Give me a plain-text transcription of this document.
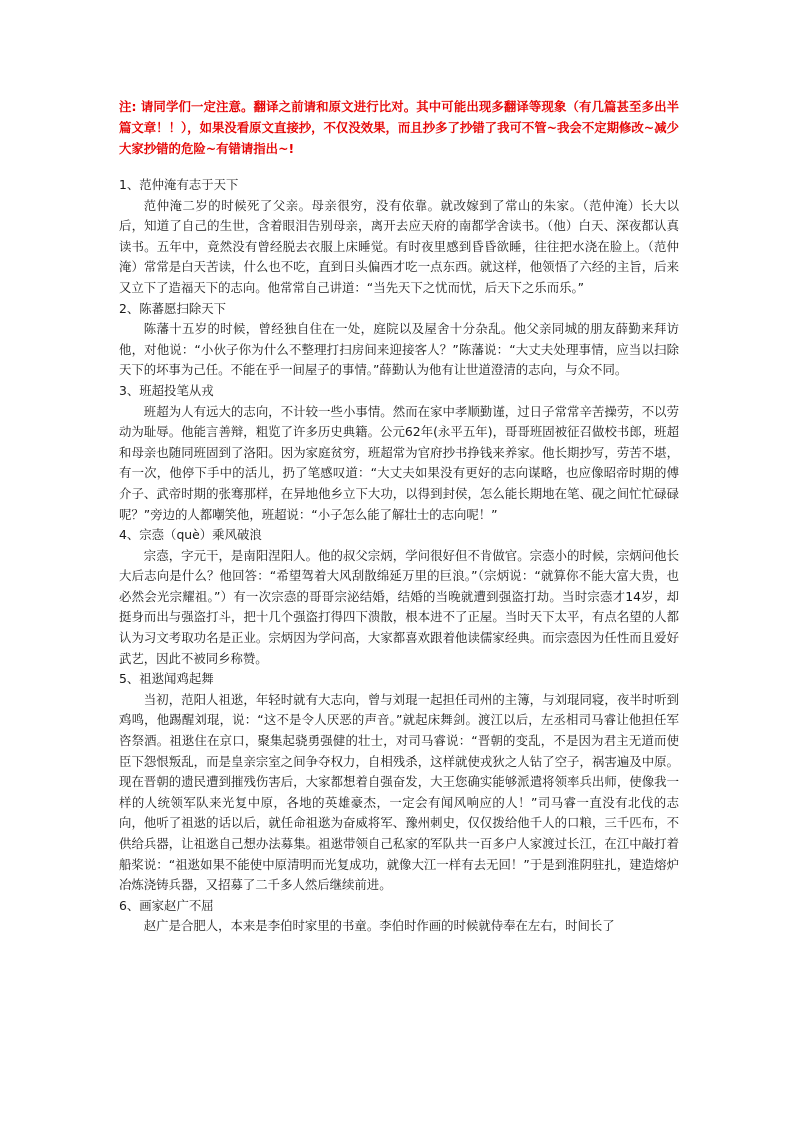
注: 请同学们一定注意。翻译之前请和原文进行比对。其中可能出现多翻译等现象（有几篇甚至多出半篇文章！！），如果没看原文直接抄，不仅没效果，而且抄多了抄错了我可不管~我会不定期修改~减少大家抄错的危险~有错请指出~!

1、范仲淹有志于天下

范仲淹二岁的时候死了父亲。母亲很穷，没有依靠。就改嫁到了常山的朱家。（范仲淹）长大以后，知道了自己的生世，含着眼泪告别母亲，离开去应天府的南都学舍读书。（他）白天、深夜都认真读书。五年中，竟然没有曾经脱去衣服上床睡觉。有时夜里感到昏昏欲睡，往往把水浇在脸上。（范仲淹）常常是白天苦读，什么也不吃，直到日头偏西才吃一点东西。就这样，他领悟了六经的主旨，后来又立下了造福天下的志向。他常常自己讲道：“当先天下之忧而忧，后天下之乐而乐。”

2、陈蕃愿扫除天下

陈藩十五岁的时候，曾经独自住在一处，庭院以及屋舍十分杂乱。他父亲同城的朋友薛勤来拜访他，对他说：“小伙子你为什么不整理打扫房间来迎接客人？”陈藩说：“大丈夫处理事情，应当以扫除天下的坏事为己任。不能在乎一间屋子的事情。”薛勤认为他有让世道澄清的志向，与众不同。

3、班超投笔从戎

班超为人有远大的志向，不计较一些小事情。然而在家中孝顺勤谨，过日子常常辛苦操劳，不以劳动为耻辱。他能言善辩，粗览了许多历史典籍。公元62年(永平五年)，哥哥班固被征召做校书郎，班超和母亲也随同班固到了洛阳。因为家庭贫穷，班超常为官府抄书挣钱来养家。他长期抄写，劳苦不堪，有一次，他停下手中的活儿，扔了笔感叹道：“大丈夫如果没有更好的志向谋略，也应像昭帝时期的傅介子、武帝时期的张骞那样，在异地他乡立下大功，以得到封侯，怎么能长期地在笔、砚之间忙忙碌碌呢？”旁边的人都嘲笑他，班超说：“小子怎么能了解壮士的志向呢！”

4、宗悫（què）乘风破浪

宗悫，字元干，是南阳涅阳人。他的叔父宗炳，学问很好但不肯做官。宗悫小的时候，宗炳问他长大后志向是什么？他回答：“希望驾着大风刮散绵延万里的巨浪。”（宗炳说：“就算你不能大富大贵，也必然会光宗耀祖。”）有一次宗悫的哥哥宗泌结婚，结婚的当晚就遭到强盗打劫。当时宗悫才14岁，却挺身而出与强盗打斗，把十几个强盗打得四下溃散，根本进不了正屋。当时天下太平，有点名望的人都认为习文考取功名是正业。宗炳因为学问高，大家都喜欢跟着他读儒家经典。而宗悫因为任性而且爱好武艺，因此不被同乡称赞。

5、祖逖闻鸡起舞

当初，范阳人祖逖，年轻时就有大志向，曾与刘琨一起担任司州的主簿，与刘琨同寝，夜半时听到鸡鸣，他踢醒刘琨，说：“这不是令人厌恶的声音。”就起床舞剑。渡江以后，左丞相司马睿让他担任军咨祭酒。祖逖住在京口，聚集起骁勇强健的壮士，对司马睿说：“晋朝的变乱，不是因为君主无道而使臣下怨恨叛乱，而是皇亲宗室之间争夺权力，自相残杀，这样就使戎狄之人钻了空子，祸害遍及中原。现在晋朝的遗民遭到摧残伤害后，大家都想着自强奋发，大王您确实能够派遣将领率兵出师，使像我一样的人统领军队来光复中原，各地的英雄豪杰，一定会有闻风响应的人！”司马睿一直没有北伐的志向，他听了祖逖的话以后，就任命祖逖为奋威将军、豫州刺史，仅仅拨给他千人的口粮，三千匹布，不供给兵器，让祖逖自己想办法募集。祖逖带领自己私家的军队共一百多户人家渡过长江，在江中敲打着船桨说：“祖逖如果不能使中原清明而光复成功，就像大江一样有去无回！”于是到淮阴驻扎，建造熔炉冶炼浇铸兵器，又招募了二千多人然后继续前进。

6、画家赵广不屈

赵广是合肥人，本来是李伯时家里的书童。李伯时作画的时候就侍奉在左右，时间长了
